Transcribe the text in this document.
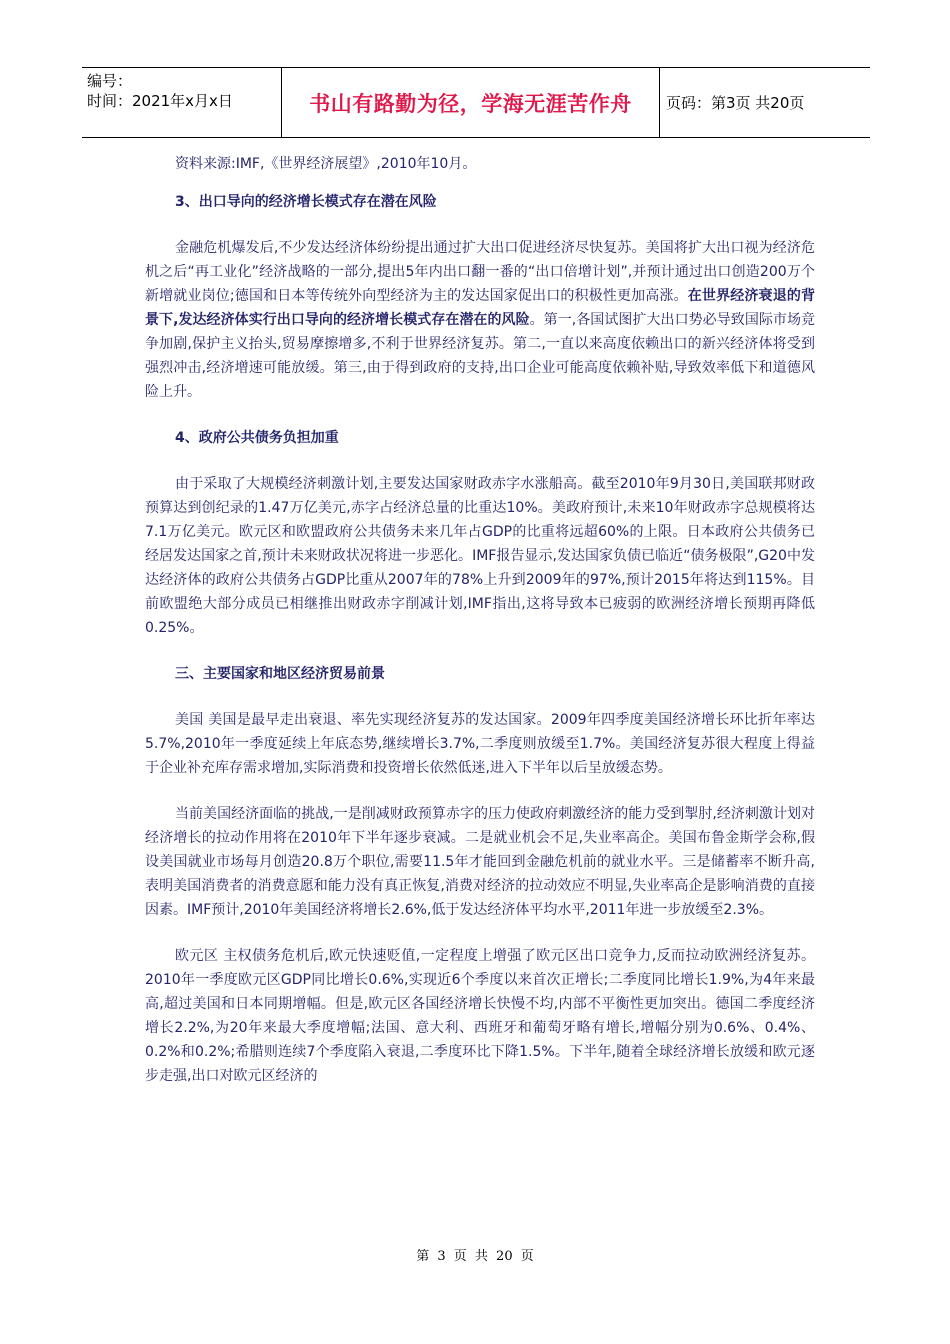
编号：
时间：2021年x月x日	书山有路勤为径，学海无涯苦作舟	页码：第3页 共20页
资料来源:IMF,《世界经济展望》,2010年10月。
3、出口导向的经济增长模式存在潜在风险
金融危机爆发后,不少发达经济体纷纷提出通过扩大出口促进经济尽快复苏。美国将扩大出口视为经济危机之后“再工业化”经济战略的一部分,提出5年内出口翻一番的“出口倍增计划”,并预计通过出口创造200万个新增就业岗位;德国和日本等传统外向型经济为主的发达国家促出口的积极性更加高涨。在世界经济衰退的背景下,发达经济体实行出口导向的经济增长模式存在潜在的风险。第一,各国试图扩大出口势必导致国际市场竞争加剧,保护主义抬头,贸易摩擦增多,不利于世界经济复苏。第二,一直以来高度依赖出口的新兴经济体将受到强烈冲击,经济增速可能放缓。第三,由于得到政府的支持,出口企业可能高度依赖补贴,导致效率低下和道德风险上升。
4、政府公共债务负担加重
由于采取了大规模经济刺激计划,主要发达国家财政赤字水涨船高。截至2010年9月30日,美国联邦财政预算达到创纪录的1.47万亿美元,赤字占经济总量的比重达10%。美政府预计,未来10年财政赤字总规模将达7.1万亿美元。欧元区和欧盟政府公共债务未来几年占GDP的比重将远超60%的上限。日本政府公共债务已经居发达国家之首,预计未来财政状况将进一步恶化。IMF报告显示,发达国家负债已临近“债务极限”,G20中发达经济体的政府公共债务占GDP比重从2007年的78%上升到2009年的97%,预计2015年将达到115%。目前欧盟绝大部分成员已相继推出财政赤字削减计划,IMF指出,这将导致本已疲弱的欧洲经济增长预期再降低0.25%。
三、主要国家和地区经济贸易前景
美国 美国是最早走出衰退、率先实现经济复苏的发达国家。2009年四季度美国经济增长环比折年率达5.7%,2010年一季度延续上年底态势,继续增长3.7%,二季度则放缓至1.7%。美国经济复苏很大程度上得益于企业补充库存需求增加,实际消费和投资增长依然低迷,进入下半年以后呈放缓态势。
当前美国经济面临的挑战,一是削减财政预算赤字的压力使政府刺激经济的能力受到掣肘,经济刺激计划对经济增长的拉动作用将在2010年下半年逐步衰减。二是就业机会不足,失业率高企。美国布鲁金斯学会称,假设美国就业市场每月创造20.8万个职位,需要11.5年才能回到金融危机前的就业水平。三是储蓄率不断升高,表明美国消费者的消费意愿和能力没有真正恢复,消费对经济的拉动效应不明显,失业率高企是影响消费的直接因素。IMF预计,2010年美国经济将增长2.6%,低于发达经济体平均水平,2011年进一步放缓至2.3%。
欧元区 主权债务危机后,欧元快速贬值,一定程度上增强了欧元区出口竞争力,反而拉动欧洲经济复苏。2010年一季度欧元区GDP同比增长0.6%,实现近6个季度以来首次正增长;二季度同比增长1.9%,为4年来最高,超过美国和日本同期增幅。但是,欧元区各国经济增长快慢不均,内部不平衡性更加突出。德国二季度经济增长2.2%,为20年来最大季度增幅;法国、意大利、西班牙和葡萄牙略有增长,增幅分别为0.6%、0.4%、0.2%和0.2%;希腊则连续7个季度陷入衰退,二季度环比下降1.5%。下半年,随着全球经济增长放缓和欧元逐步走强,出口对欧元区经济的
第 3 页 共 20 页
